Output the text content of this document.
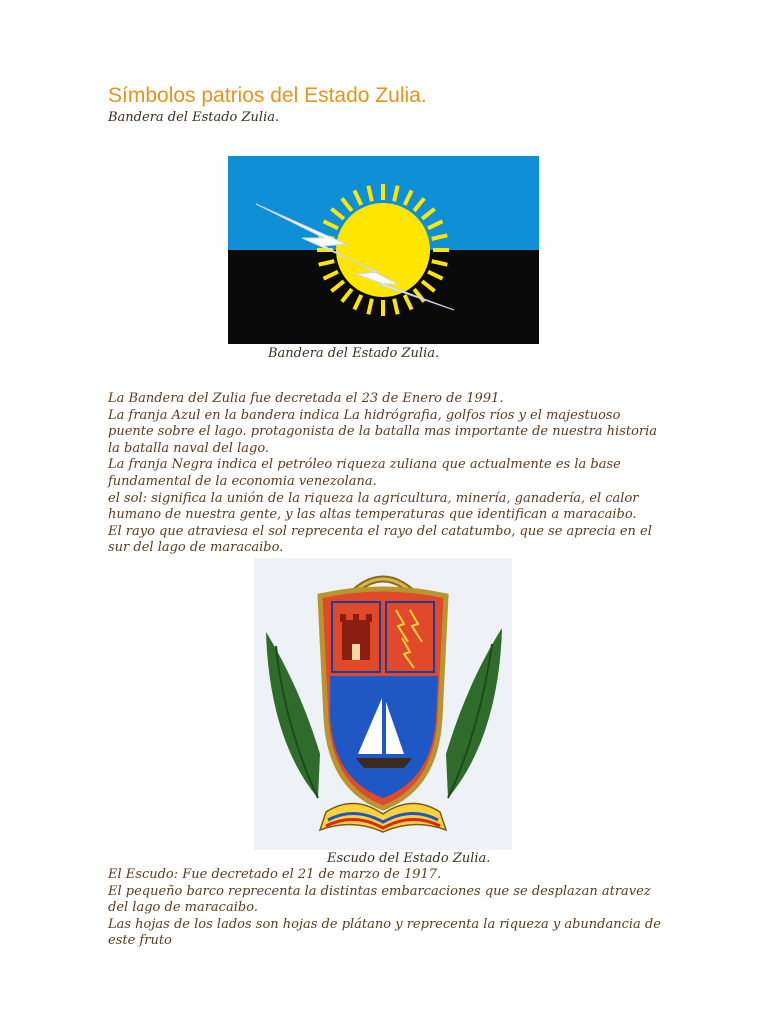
Símbolos patrios del Estado Zulia.
Bandera del Estado Zulia.
Bandera del Estado Zulia.

La Bandera del Zulia fue decretada el 23 de Enero de 1991.

La franja Azul en la bandera indica La hidrógrafia, golfos ríos y el majestuoso puente sobre el lago. protagonista de la batalla mas importante de nuestra historia la batalla naval del lago.

La franja Negra indica el petróleo riqueza zuliana que actualmente es la base fundamental de la economia venezolana.

el sol: significa la unión de la riqueza la agricultura, minería, ganadería, el calor humano de nuestra gente, y las altas temperaturas que identifican a maracaibo.

El rayo que atraviesa el sol reprecenta el rayo del catatumbo, que se aprecia en el sur del lago de maracaibo.

Escudo del Estado Zulia.

El Escudo: Fue decretado el 21 de marzo de 1917.

El pequeño barco reprecenta la distintas embarcaciones que se desplazan atravez del lago de maracaibo.

Las hojas de los lados son hojas de plátano y reprecenta la riqueza y abundancia de este fruto
